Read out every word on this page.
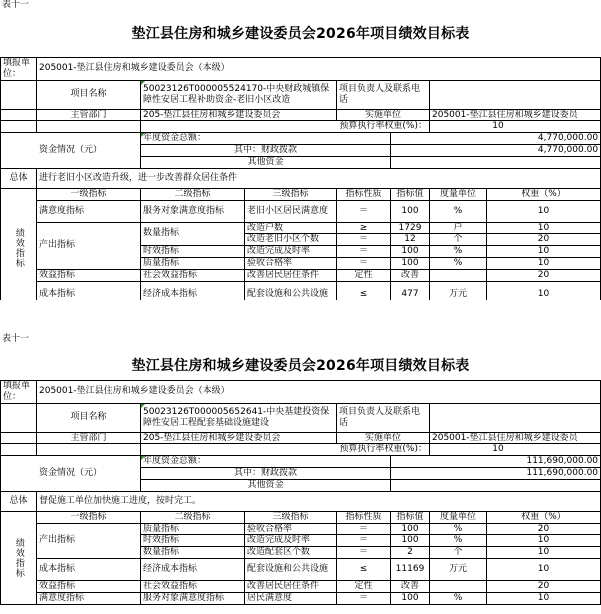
表十一
垫江县住房和城乡建设委员会2026年项目绩效目标表
填报单位：	205001-垫江县住房和城乡建设委员会（本级）						
	项目名称	50023126T000005524170-中央财政城镇保障性安居工程补助资金-老旧小区改造		项目负责人及联系电话			
	主管部门	205-垫江县住房和城乡建设委员会		实施单位		205001-垫江县住房和城乡建设委员	
		预算执行率权重(%)：				10	
资金情况（元）		年度资金总额：			4,770,000.00		
		其中：财政拨款			4,770,000.00		
		其他资金					
总体	进行老旧小区改造升级，进一步改善群众居住条件						
绩效指标	一级指标	二级指标	三级指标	指标性质	指标值	度量单位	权重（%）
	满意度指标	服务对象满意度指标	老旧小区居民满意度	＝	100	%	10
	产出指标	数量指标	改造户数	≥	1729	户	10
			改造老旧小区个数	＝	12	个	20
		时效指标	改造完成及时率	＝	100	%	10
		质量指标	验收合格率	＝	100	%	10
	效益指标	社会效益指标	改善居民居住条件	定性	改善		20
	成本指标	经济成本指标	配套设施和公共设施	≤	477	万元	10
表十一
垫江县住房和城乡建设委员会2026年项目绩效目标表
填报单位：	205001-垫江县住房和城乡建设委员会（本级）						
	项目名称	50023126T000005652641-中央基建投资保障性安居工程配套基础设施建设		项目负责人及联系电话			
	主管部门	205-垫江县住房和城乡建设委员会		实施单位		205001-垫江县住房和城乡建设委员	
		预算执行率权重(%)：				10	
资金情况（元）		年度资金总额：			111,690,000.00		
		其中：财政拨款			111,690,000.00		
		其他资金					
总体	督促施工单位加快施工进度，按时完工。						
绩效指标	一级指标	二级指标	三级指标	指标性质	指标值	度量单位	权重（%）
	产出指标	质量指标	验收合格率	＝	100	%	20
		时效指标	改造完成及时率	＝	100	%	10
		数量指标	改造配套区个数	＝	2	个	10
	成本指标	经济成本指标	配套设施和公共设施	≤	11169	万元	10
	效益指标	社会效益指标	改善居民居住条件	定性	改善		20
	满意度指标	服务对象满意度指标	居民满意度	＝	100	%	10
